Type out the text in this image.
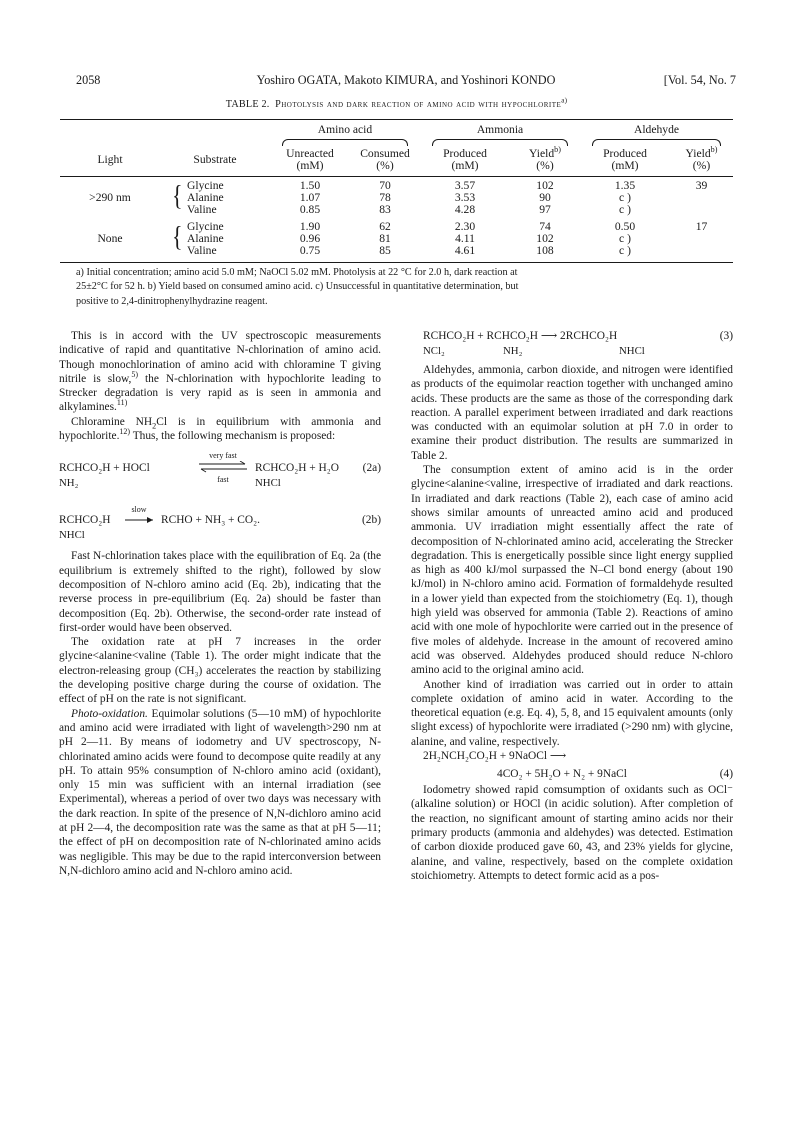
2058	Yoshiro OGATA, Makoto KIMURA, and Yoshinori KONDO	[Vol. 54, No. 7
TABLE 2. Photolysis and dark reaction of amino acid with hypochlorite$^{a)}$
		Amino acid		Ammonia		Aldehyde	

Light	Substrate	Unreacted	Consumed	Produced	Yield$^{b)}$	Produced	Yield$^{b)}$
		(mM)	(%)	(mM)	(%)	(mM)	(%)

>290 nm	{ Glycine	1.50	70	3.57	102	1.35	39
	Alanine	1.07	78	3.53	90	c )	
	Valine	0.85	83	4.28	97	c )	

None	{ Glycine	1.90	62	2.30	74	0.50	17
	Alanine	0.96	81	4.11	102	c )	
	Valine	0.75	85	4.61	108	c )	

a) Initial concentration; amino acid 5.0 mM; NaOCl 5.02 mM. Photolysis at 22 °C for 2.0 h, dark reaction at
25±2°C for 52 h. b) Yield based on consumed amino acid. c) Unsuccessful in quantitative determination, but
positive to 2,4-dinitrophenylhydrazine reagent.

This is in accord with the UV spectroscopic measurements indicative of rapid and quantitative N-chlorination of amino acid. Though monochlorination of amino acid with chloramine T giving nitrile is slow,$^{5)}$ the N-chlorination with hypochlorite leading to Strecker degradation is very rapid as is seen in ammonia and alkylamines.$^{11)}$

Chloramine $NH_2Cl$ is in equilibrium with ammonia and hypochlorite.$^{12)}$ Thus, the following mechanism is proposed:

RCHCO₂H + HOCl
NH₂
very fast
fast
RCHCO₂H + H₂O
NHCl
(2a)
RCHCO₂H
NHCl
slow
→ RCHO + NH₃ + CO₂.	(2b)

Fast N-chlorination takes place with the equilibration of Eq. 2a (the equilibrium is extremely shifted to the right), followed by slow decomposition of N-chloro amino acid (Eq. 2b), indicating that the reverse process in pre-equilibrium (Eq. 2a) should be faster than decomposition (Eq. 2b). Otherwise, the second-order rate instead of first-order would have been observed.

The oxidation rate at pH 7 increases in the order glycine<alanine<valine (Table 1). The order might indicate that the electron-releasing group (CH₃) accelerates the reaction by stabilizing the developing positive charge during the course of oxidation. The effect of pH on the rate is not significant.

Photo-oxidation. Equimolar solutions (5—10 mM) of hypochlorite and amino acid were irradiated with light of wavelength>290 nm at pH 2—11. By means of iodometry and UV spectroscopy, N-chlorinated amino acids were found to decompose quite readily at any pH. To attain 95% consumption of N-chloro amino acid (oxidant), only 15 min was sufficient with an internal irradiation (see Experimental), whereas a period of over two days was necessary with the dark reaction. In spite of the presence of N,N-dichloro amino acid at pH 2—4, the decomposition rate was the same as that at pH 5—11; the effect of pH on decomposition rate of N-chlorinated amino acids was negligible. This may be due to the rapid interconversion between N,N-dichloro amino acid and N-chloro amino acid.

RCHCO₂H + RCHCO₂H ⟶ 2RCHCO₂H
NCl₂	NH₂	NHCl
(3)

Aldehydes, ammonia, carbon dioxide, and nitrogen were identified as products of the equimolar reaction together with unchanged amino acids. These products are the same as those of the corresponding dark reaction. A parallel experiment between irradiated and dark reactions was conducted with an equimolar solution at pH 7.0 in order to examine their product distribution. The results are summarized in Table 2.

The consumption extent of amino acid is in the order glycine<alanine<valine, irrespective of irradiated and dark reactions. In irradiated and dark reactions (Table 2), each case of amino acid shows similar amounts of unreacted amino acid and produced ammonia. UV irradiation might essentially affect the rate of decomposition of N-chlorinated amino acid, accelerating the Strecker degradation. This is energetically possible since light energy supplied as high as 400 kJ/mol surpassed the N–Cl bond energy (about 190 kJ/mol) in N-chloro amino acid. Formation of formaldehyde resulted in a lower yield than expected from the stoichiometry (Eq. 1), though high yield was observed for ammonia (Table 2). Reactions of amino acid with one mole of hypochlorite were carried out in the presence of five moles of aldehyde. Increase in the amount of recovered amino acid was observed. Aldehydes produced should reduce N-chloro amino acid to the original amino acid.

Another kind of irradiation was carried out in order to attain complete oxidation of amino acid in water. According to the theoretical equation (e.g. Eq. 4), 5, 8, and 15 equivalent amounts (only slight excess) of hypochlorite were irradiated (>290 nm) with glycine, alanine, and valine, respectively.

2H₂NCH₂CO₂H + 9NaOCl ⟶
4CO₂ + 5H₂O + N₂ + 9NaCl	(4)

Iodometry showed rapid comsumption of oxidants such as OCl⁻ (alkaline solution) or HOCl (in acidic solution). After completion of the reaction, no significant amount of starting amino acids nor their primary products (ammonia and aldehydes) was detected. Estimation of carbon dioxide produced gave 60, 43, and 23% yields for glycine, alanine, and valine, respectively, based on the complete oxidation stoichiometry. Attempts to detect formic acid as a pos-
